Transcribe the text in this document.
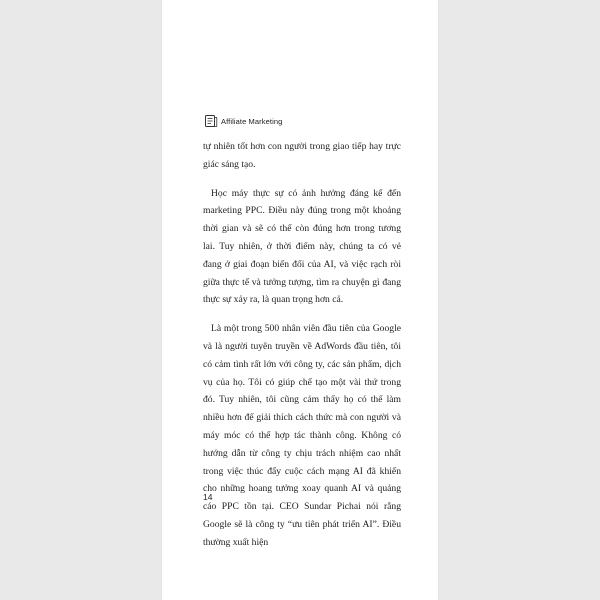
Affiliate Marketing

tự nhiên tốt hơn con người trong giao tiếp hay trực giác sáng tạo.

Học máy thực sự có ảnh hưởng đáng kể đến marketing PPC. Điều này đúng trong một khoảng thời gian và sẽ có thể còn đúng hơn trong tương lai. Tuy nhiên, ở thời điểm này, chúng ta có vẻ đang ở giai đoạn biến đổi của AI, và việc rạch ròi giữa thực tế và tưởng tượng, tìm ra chuyện gì đang thực sự xảy ra, là quan trọng hơn cả.

Là một trong 500 nhân viên đầu tiên của Google và là người tuyên truyền về AdWords đầu tiên, tôi có cảm tình rất lớn với công ty, các sản phẩm, dịch vụ của họ. Tôi có giúp chế tạo một vài thứ trong đó. Tuy nhiên, tôi cũng cảm thấy họ có thể làm nhiều hơn để giải thích cách thức mà con người và máy móc có thể hợp tác thành công. Không có hướng dẫn từ công ty chịu trách nhiệm cao nhất trong việc thúc đẩy cuộc cách mạng AI đã khiến cho những hoang tưởng xoay quanh AI và quảng cáo PPC tồn tại. CEO Sundar Pichai nói rằng Google sẽ là công ty “ưu tiên phát triển AI”. Điều thường xuất hiện

14
